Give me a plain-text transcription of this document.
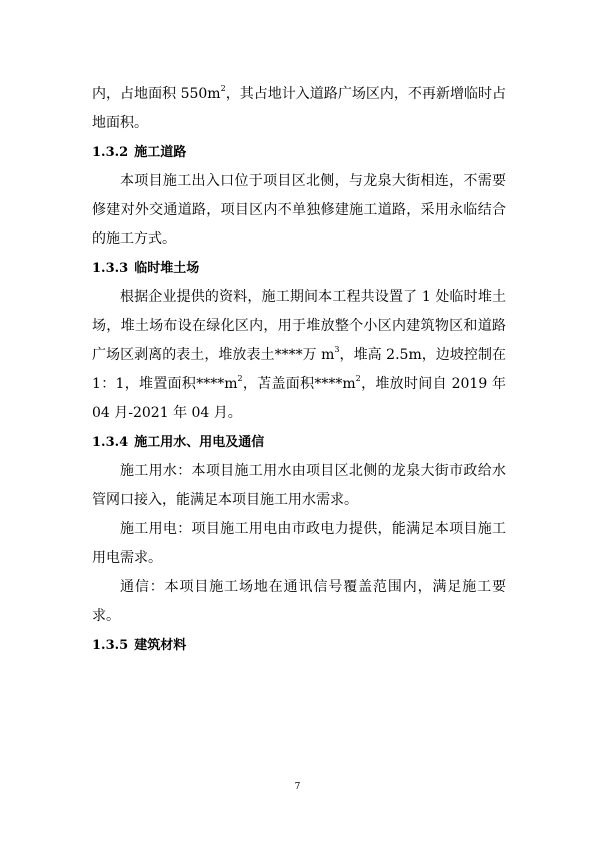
内，占地面积 $550m^2$，其占地计入道路广场区内，不再新增临时占地面积。

1.3.2 施工道路

本项目施工出入口位于项目区北侧，与龙泉大街相连，不需要修建对外交通道路，项目区内不单独修建施工道路，采用永临结合的施工方式。

1.3.3 临时堆土场

根据企业提供的资料，施工期间本工程共设置了 1 处临时堆土场，堆土场布设在绿化区内，用于堆放整个小区内建筑物区和道路广场区剥离的表土，堆放表土****万 $m^3$，堆高 2.5m，边坡控制在 1：1，堆置面积$****m^2$，苫盖面积$****m^2$，堆放时间自 2019 年 04 月-2021 年 04 月。

1.3.4 施工用水、用电及通信

施工用水：本项目施工用水由项目区北侧的龙泉大街市政给水管网口接入，能满足本项目施工用水需求。

施工用电：项目施工用电由市政电力提供，能满足本项目施工用电需求。

通信：本项目施工场地在通讯信号覆盖范围内，满足施工要求。

1.3.5 建筑材料
7
